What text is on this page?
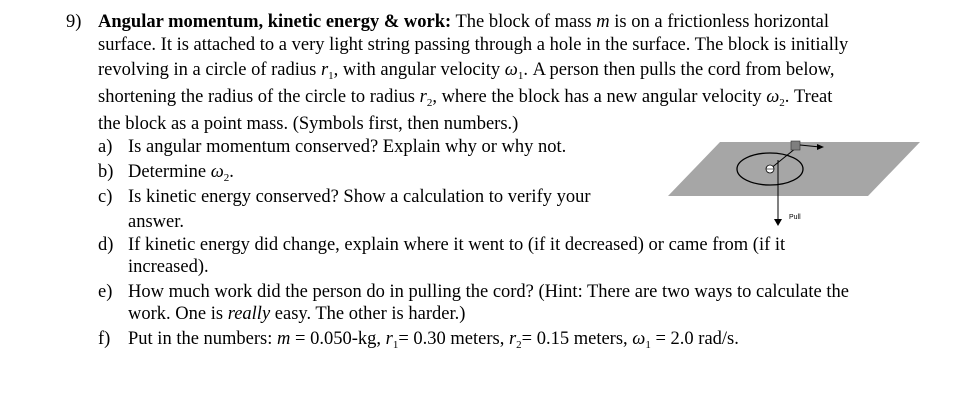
9) Angular momentum, kinetic energy & work: The block of mass m is on a frictionless horizontal
surface. It is attached to a very light string passing through a hole in the surface. The block is initially
revolving in a circle of radius $r_1$, with angular velocity $\omega_1$. A person then pulls the cord from below,
shortening the radius of the circle to radius $r_2$, where the block has a new angular velocity $\omega_2$. Treat
the block as a point mass. (Symbols first, then numbers.)
a) Is angular momentum conserved? Explain why or why not.
b) Determine $\omega_2$.
c) Is kinetic energy conserved? Show a calculation to verify your
answer.
d) If kinetic energy did change, explain where it went to (if it decreased) or came from (if it
increased).
e) How much work did the person do in pulling the cord? (Hint: There are two ways to calculate the
work. One is really easy. The other is harder.)
f) Put in the numbers: m = 0.050-kg, $r_1= 0.30$ meters, $r_2= 0.15$ meters, $\omega_1 = 2.0$ rad/s.
Pull
